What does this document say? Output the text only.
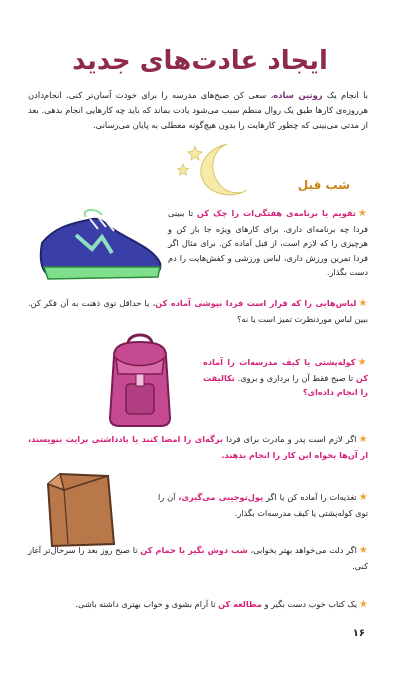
ایجاد عادت‌های جدید

با انجام یک روتین ساده، سعی کن صبح‌های مدرسه را برای خودت آسان‌تر کنی. انجام‌دادن هرروزه‌ی کارها طبق یک روال منظم سبب می‌شود یادت بماند که باید چه کارهایی انجام بدهی. بعد از مدتی می‌بینی که چطور کارهایت را بدون هیچ‌گونه معطلی به پایان می‌رسانی.

شب قبل

★تقویم یا برنامه‌ی هفتگی‌ات را چک کن تا ببینی فردا چه برنامه‌ای داری. برای کارهای ویژه جا باز کن و هرچیزی را که لازم است، از قبل آماده کن. برای مثال اگر فردا تمرین ورزش داری، لباس ورزشی و کفش‌هایت را دم دست بگذار.

★لباس‌هایی را که قرار است فردا بپوشی آماده کن، یا حداقل توی ذهنت به آن فکر کن. ببین لباس موردنظرت تمیز است یا نه؟

★کوله‌پشتی یا کیف مدرسه‌ات را آماده کن تا صبح فقط آن را برداری و بروی. تکالیفت را انجام داده‌ای؟

★اگر لازم است پدر و مادرت برای فردا برگه‌ای را امضا کنند یا یادداشتی برایت بنویسند، از آن‌ها بخواه این کار را انجام بدهند.

★تغذیه‌ات را آماده کن یا اگر پول‌توجیبی می‌گیری، آن را توی کوله‌پشتی یا کیف مدرسه‌ات بگذار.

★اگر دلت می‌خواهد بهتر بخوابی، شب دوش بگیر یا حمام کن تا صبح روز بعد را سرحال‌تر آغاز کنی.

★یک کتاب خوب دست بگیر و مطالعه کن تا آرام بشوی و خواب بهتری داشته باشی.

۱۶
